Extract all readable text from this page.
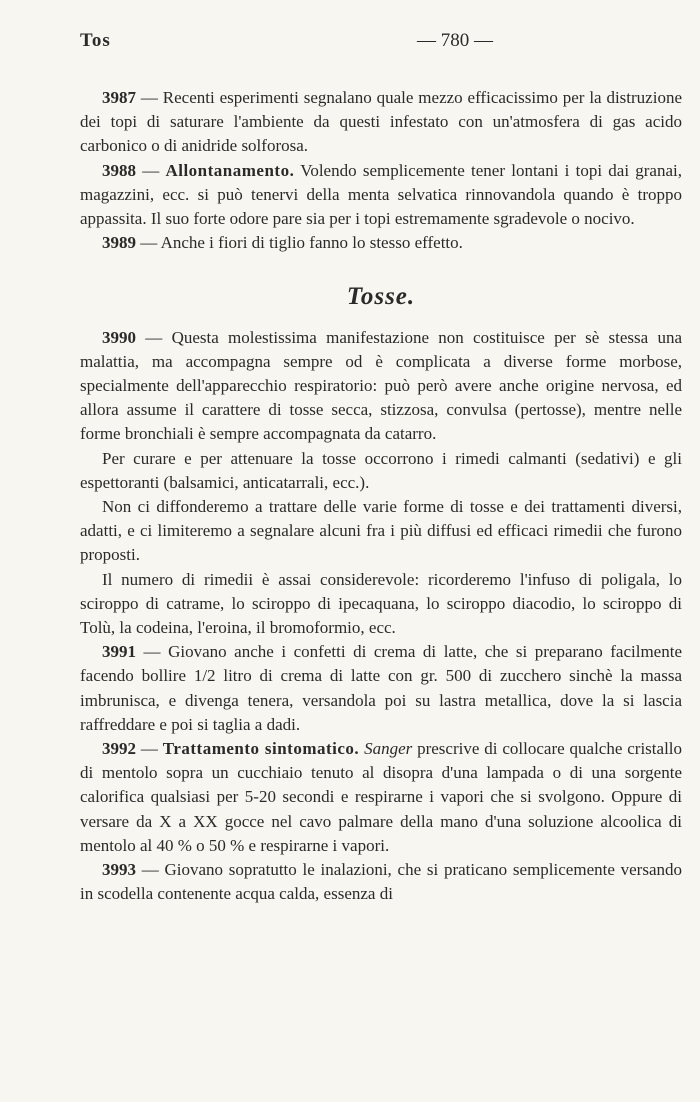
Tos	— 780 —

3987 — Recenti esperimenti segnalano quale mezzo efficacissimo per la distruzione dei topi di saturare l'ambiente da questi infestato con un'atmosfera di gas acido carbonico o di anidride solforosa.

3988 — Allontanamento. Volendo semplicemente tener lontani i topi dai granai, magazzini, ecc. si può tenervi della menta selvatica rinnovandola quando è troppo appassita. Il suo forte odore pare sia per i topi estremamente sgradevole o nocivo.

3989 — Anche i fiori di tiglio fanno lo stesso effetto.

Tosse.

3990 — Questa molestissima manifestazione non costituisce per sè stessa una malattia, ma accompagna sempre od è complicata a diverse forme morbose, specialmente dell'apparecchio respiratorio: può però avere anche origine nervosa, ed allora assume il carattere di tosse secca, stizzosa, convulsa (pertosse), mentre nelle forme bronchiali è sempre accompagnata da catarro.

Per curare e per attenuare la tosse occorrono i rimedi calmanti (sedativi) e gli espettoranti (balsamici, anticatarrali, ecc.).

Non ci diffonderemo a trattare delle varie forme di tosse e dei trattamenti diversi, adatti, e ci limiteremo a segnalare alcuni fra i più diffusi ed efficaci rimedii che furono proposti.

Il numero di rimedii è assai considerevole: ricorderemo l'infuso di poligala, lo sciroppo di catrame, lo sciroppo di ipecaquana, lo sciroppo diacodio, lo sciroppo di Tolù, la codeina, l'eroina, il bromoformio, ecc.

3991 — Giovano anche i confetti di crema di latte, che si preparano facilmente facendo bollire 1/2 litro di crema di latte con gr. 500 di zucchero sinchè la massa imbrunisca, e divenga tenera, versandola poi su lastra metallica, dove la si lascia raffreddare e poi si taglia a dadi.

3992 — Trattamento sintomatico. Sanger prescrive di collocare qualche cristallo di mentolo sopra un cucchiaio tenuto al disopra d'una lampada o di una sorgente calorifica qualsiasi per 5-20 secondi e respirarne i vapori che si svolgono. Oppure di versare da X a XX gocce nel cavo palmare della mano d'una soluzione alcoolica di mentolo al 40 % o 50 % e respirarne i vapori.

3993 — Giovano sopratutto le inalazioni, che si praticano semplicemente versando in scodella contenente acqua calda, essenza di
